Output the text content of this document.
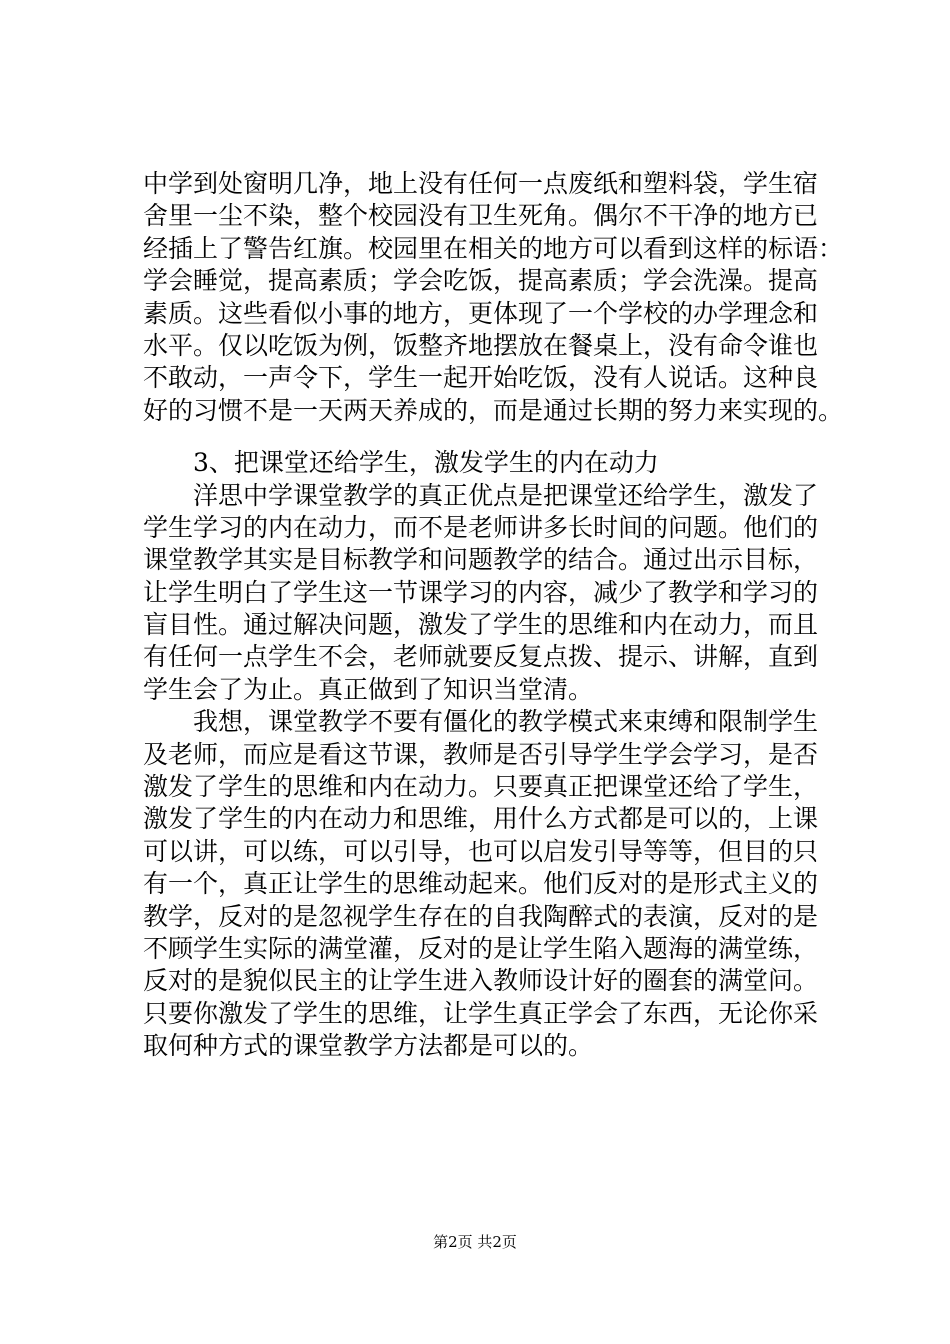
中学到处窗明几净，地上没有任何一点废纸和塑料袋，学生宿
舍里一尘不染，整个校园没有卫生死角。偶尔不干净的地方已
经插上了警告红旗。校园里在相关的地方可以看到这样的标语：
学会睡觉，提高素质；学会吃饭，提高素质；学会洗澡。提高
素质。这些看似小事的地方，更体现了一个学校的办学理念和
水平。仅以吃饭为例，饭整齐地摆放在餐桌上，没有命令谁也
不敢动，一声令下，学生一起开始吃饭，没有人说话。这种良
好的习惯不是一天两天养成的，而是通过长期的努力来实现的。
　　3、把课堂还给学生，激发学生的内在动力
　　洋思中学课堂教学的真正优点是把课堂还给学生，激发了
学生学习的内在动力，而不是老师讲多长时间的问题。他们的
课堂教学其实是目标教学和问题教学的结合。通过出示目标，
让学生明白了学生这一节课学习的内容，减少了教学和学习的
盲目性。通过解决问题，激发了学生的思维和内在动力，而且
有任何一点学生不会，老师就要反复点拨、提示、讲解，直到
学生会了为止。真正做到了知识当堂清。
　　我想，课堂教学不要有僵化的教学模式来束缚和限制学生
及老师，而应是看这节课，教师是否引导学生学会学习，是否
激发了学生的思维和内在动力。只要真正把课堂还给了学生，
激发了学生的内在动力和思维，用什么方式都是可以的，上课
可以讲，可以练，可以引导，也可以启发引导等等，但目的只
有一个，真正让学生的思维动起来。他们反对的是形式主义的
教学，反对的是忽视学生存在的自我陶醉式的表演，反对的是
不顾学生实际的满堂灌，反对的是让学生陷入题海的满堂练，
反对的是貌似民主的让学生进入教师设计好的圈套的满堂问。
只要你激发了学生的思维，让学生真正学会了东西，无论你采
取何种方式的课堂教学方法都是可以的。
第2页 共2页
